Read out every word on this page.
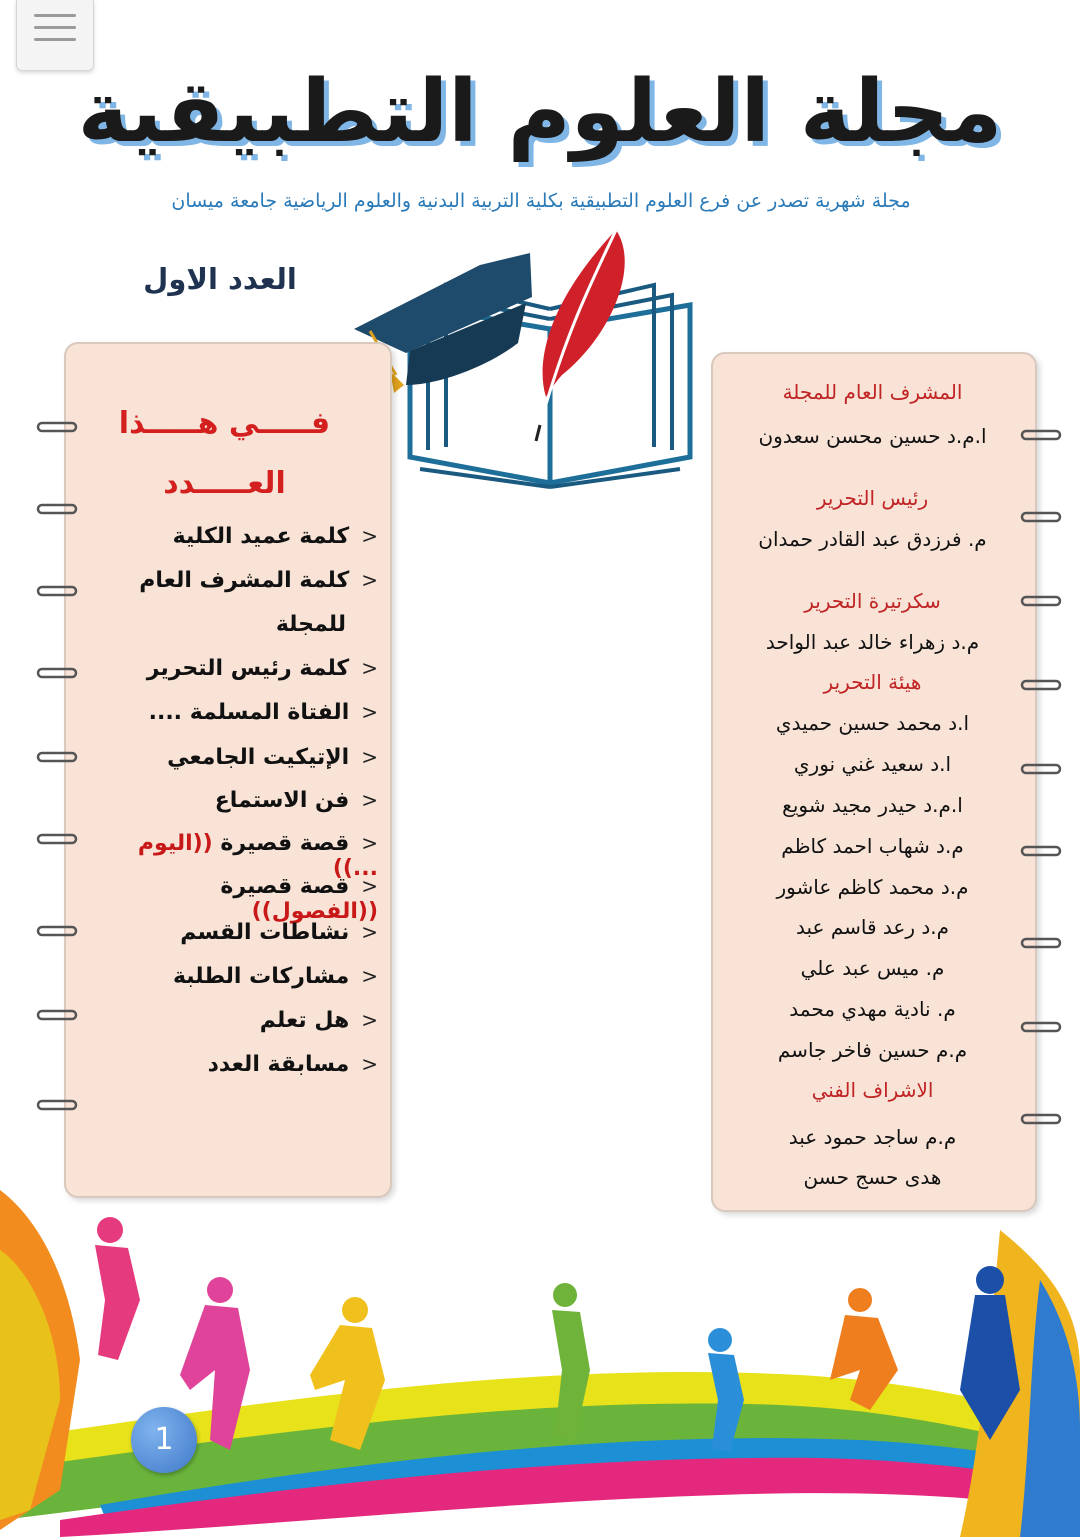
مجلة العلوم التطبيقية
مجلة شهرية تصدر عن فرع العلوم التطبيقية بكلية التربية البدنية والعلوم الرياضية جامعة ميسان
العدد الاول
فـــــي هـــــذا
العـــــدد
<كلمة عميد الكلية
<كلمة المشرف العام
للمجلة
<كلمة رئيس التحرير
<الفتاة المسلمة ....
<الإتيكيت الجامعي
<فن الاستماع
<قصة قصيرة ((اليوم ...))
<قصة قصيرة ((الفصول))
<نشاطات القسم
<مشاركات الطلبة
<هل تعلم
<مسابقة العدد
المشرف العام للمجلة
ا.م.د حسين محسن سعدون
رئيس التحرير
م. فرزدق عبد القادر حمدان
سكرتيرة التحرير
م.د زهراء خالد عبد الواحد
هيئة التحرير
ا.د محمد حسين حميدي
ا.د سعيد غني نوري
ا.م.د حيدر مجيد شويع
م.د شهاب احمد كاظم
م.د محمد كاظم عاشور
م.د رعد قاسم عبد
م. ميس عبد علي
م. نادية مهدي محمد
م.م حسين فاخر جاسم
الاشراف الفني
م.م ساجد حمود عبد
هدى حسج حسن
1
